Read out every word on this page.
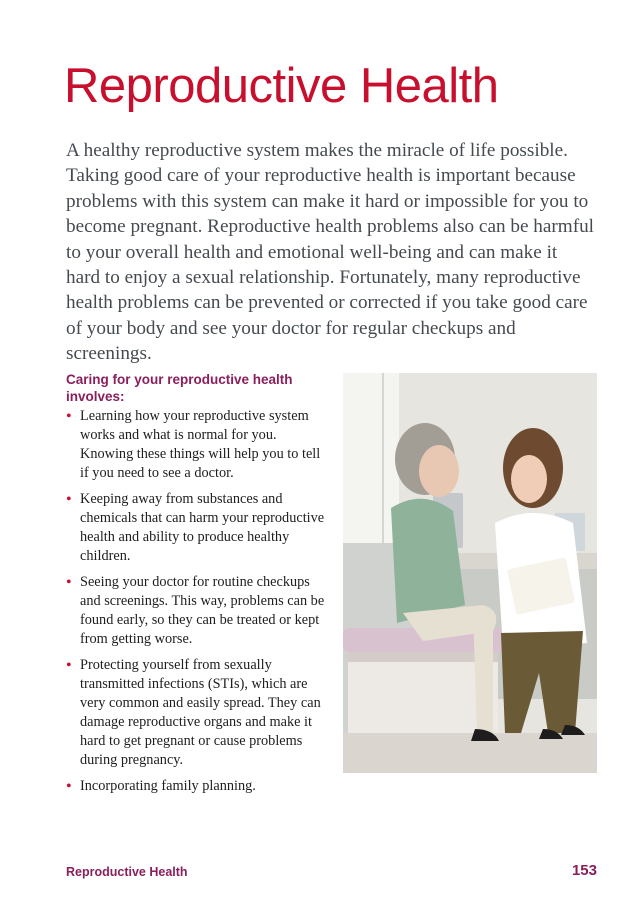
Reproductive Health

A healthy reproductive system makes the miracle of life possible. Taking good care of your reproductive health is important because problems with this system can make it hard or impossible for you to become pregnant. Reproductive health problems also can be harmful to your overall health and emotional well-being and can make it hard to enjoy a sexual relationship. Fortunately, many reproductive health problems can be prevented or corrected if you take good care of your body and see your doctor for regular checkups and screenings.

Caring for your reproductive health involves:

• Learning how your reproductive system works and what is normal for you. Knowing these things will help you to tell if you need to see a doctor.
• Keeping away from substances and chemicals that can harm your reproductive health and ability to produce healthy children.
• Seeing your doctor for routine checkups and screenings. This way, problems can be found early, so they can be treated or kept from getting worse.
• Protecting yourself from sexually transmitted infections (STIs), which are very common and easily spread. They can damage reproductive organs and make it hard to get pregnant or cause problems during pregnancy.
• Incorporating family planning.
Reproductive Health	153
